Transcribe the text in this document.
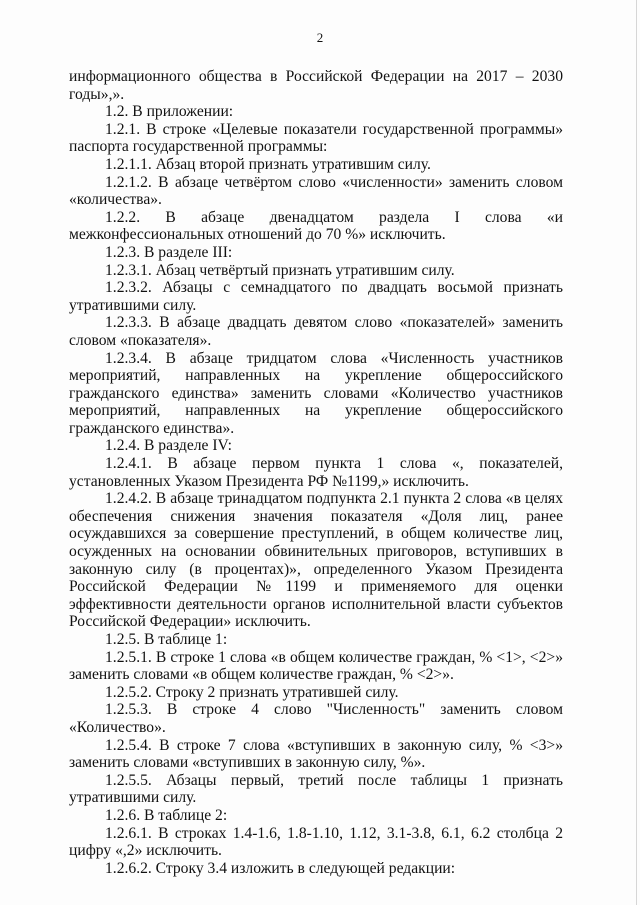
2

информационного общества в Российской Федерации на 2017 – 2030 годы»,».

1.2. В приложении:

1.2.1. В строке «Целевые показатели государственной программы» паспорта государственной программы:

1.2.1.1. Абзац второй признать утратившим силу.

1.2.1.2. В абзаце четвёртом слово «численности» заменить словом «количества».

1.2.2. В абзаце двенадцатом раздела I слова «и межконфессиональных отношений до 70 %» исключить.

1.2.3. В разделе III:

1.2.3.1. Абзац четвёртый признать утратившим силу.

1.2.3.2. Абзацы с семнадцатого по двадцать восьмой признать утратившими силу.

1.2.3.3. В абзаце двадцать девятом слово «показателей» заменить словом «показателя».

1.2.3.4. В абзаце тридцатом слова «Численность участников мероприятий, направленных на укрепление общероссийского гражданского единства» заменить словами «Количество участников мероприятий, направленных на укрепление общероссийского гражданского единства».

1.2.4. В разделе IV:

1.2.4.1. В абзаце первом пункта 1 слова «, показателей, установленных Указом Президента РФ №1199,» исключить.

1.2.4.2. В абзаце тринадцатом подпункта 2.1 пункта 2 слова «в целях обеспечения снижения значения показателя «Доля лиц, ранее осуждавшихся за совершение преступлений, в общем количестве лиц, осужденных на основании обвинительных приговоров, вступивших в законную силу (в процентах)», определенного Указом Президента Российской Федерации №1199 и применяемого для оценки эффективности деятельности органов исполнительной власти субъектов Российской Федерации» исключить.

1.2.5. В таблице 1:

1.2.5.1. В строке 1 слова «в общем количестве граждан, % <1>, <2>» заменить словами «в общем количестве граждан, % <2>».

1.2.5.2. Строку 2 признать утратившей силу.

1.2.5.3. В строке 4 слово "Численность" заменить словом «Количество».

1.2.5.4. В строке 7 слова «вступивших в законную силу, % <3>» заменить словами «вступивших в законную силу, %».

1.2.5.5. Абзацы первый, третий после таблицы 1 признать утратившими силу.

1.2.6. В таблице 2:

1.2.6.1. В строках 1.4-1.6, 1.8-1.10, 1.12, 3.1-3.8, 6.1, 6.2 столбца 2 цифру «,2» исключить.

1.2.6.2. Строку 3.4 изложить в следующей редакции:
